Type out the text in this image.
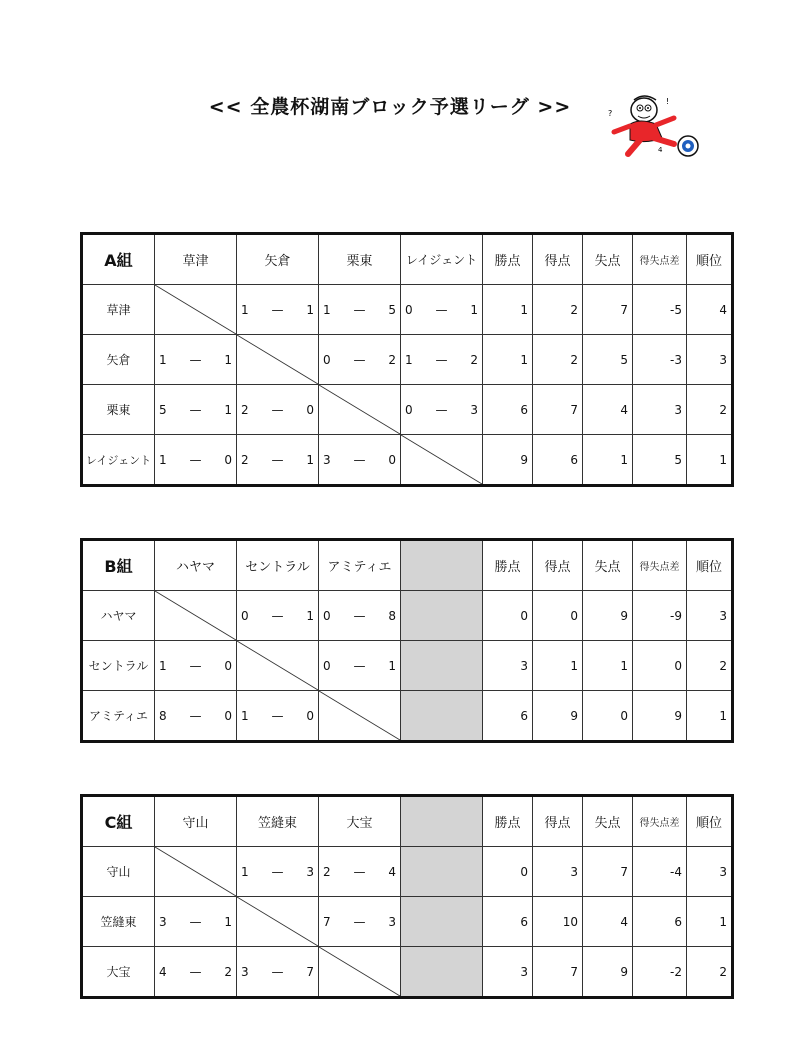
<< 全農杯湖南ブロック予選リーグ >>	?
!
4
A組	草津	矢倉	栗東	レイジェント	勝点	得点	失点	得失点差	順位
草津		1 — 1	1 — 5	0 — 1	1	2	7	-5	4
矢倉	1 — 1		0 — 2	1 — 2	1	2	5	-3	3
栗東	5 — 1	2 — 0		0 — 3	6	7	4	3	2
レイジェント	1 — 0	2 — 1	3 — 0		9	6	1	5	1
B組	ハヤマ	セントラル	アミティエ		勝点	得点	失点	得失点差	順位
ハヤマ		0 — 1	0 — 8		0	0	9	-9	3
セントラル	1 — 0		0 — 1		3	1	1	0	2
アミティエ	8 — 0	1 — 0			6	9	0	9	1
C組	守山	笠縫東	大宝		勝点	得点	失点	得失点差	順位
守山		1 — 3	2 — 4		0	3	7	-4	3
笠縫東	3 — 1		7 — 3		6	10	4	6	1
大宝	4 — 2	3 — 7			3	7	9	-2	2
